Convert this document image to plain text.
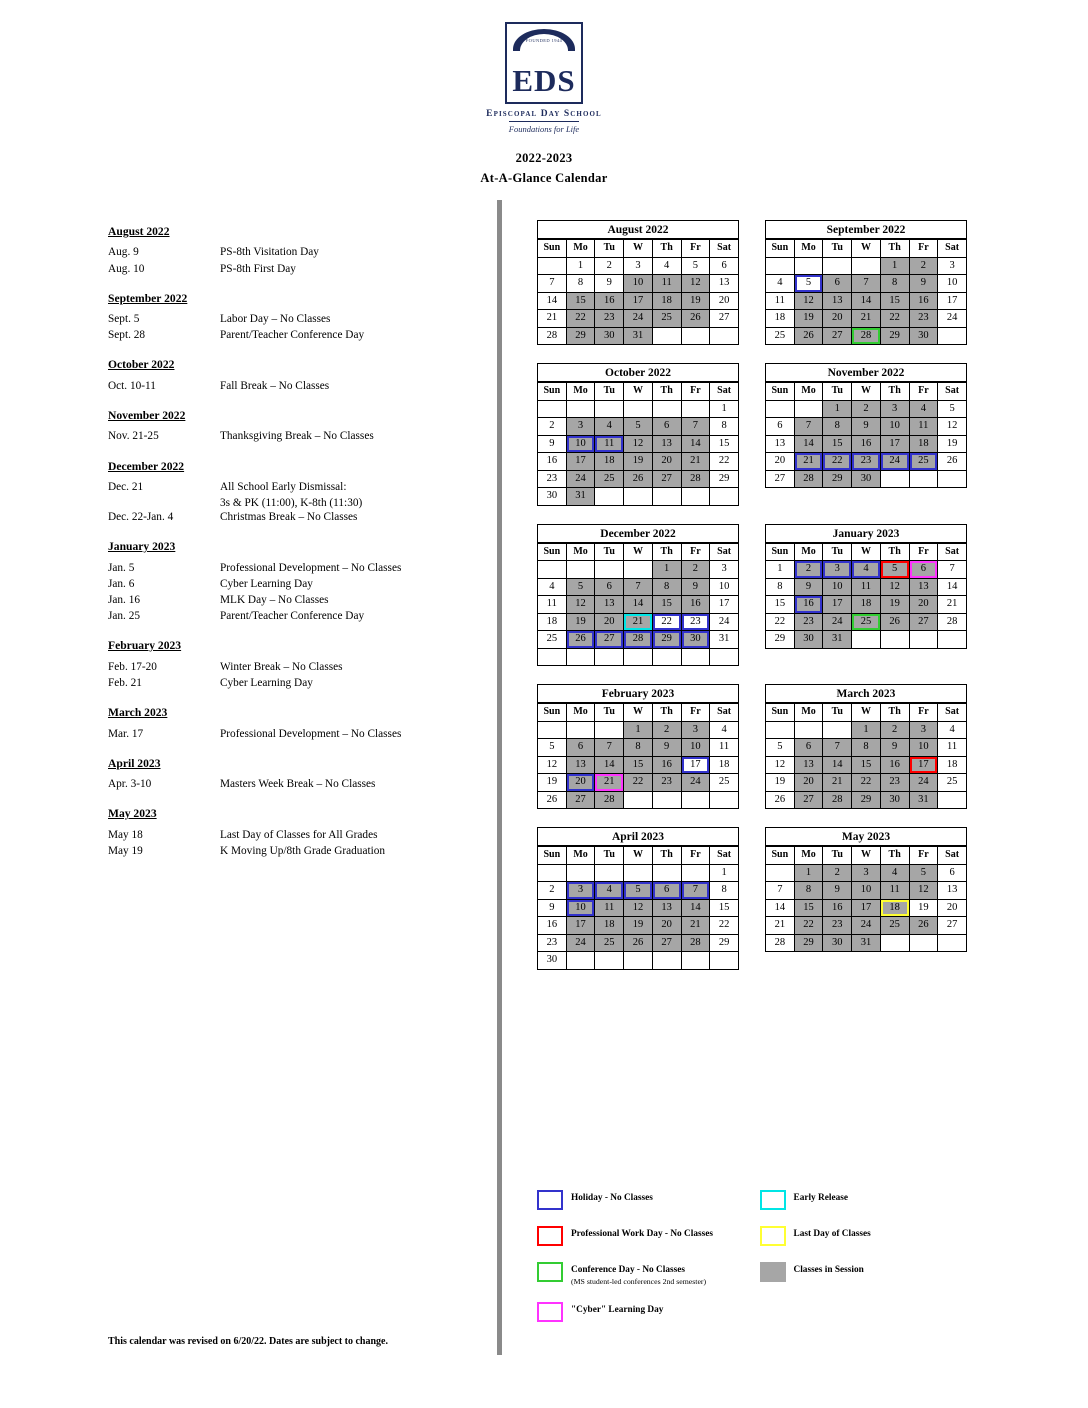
FOUNDED 1944
EDS
Episcopal Day School
Foundations for Life
2022-2023
At-A-Glance Calendar
August 2022
Aug. 9	PS-8th Visitation Day
Aug. 10	PS-8th First Day
September 2022
Sept. 5	Labor Day – No Classes
Sept. 28	Parent/Teacher Conference Day
October 2022
Oct. 10-11	Fall Break – No Classes
November 2022
Nov. 21-25	Thanksgiving Break – No Classes
December 2022
Dec. 21	All School Early Dismissal:
3s & PK (11:00), K-8th (11:30)
Dec. 22-Jan. 4	Christmas Break – No Classes
January 2023
Jan. 5	Professional Development – No Classes
Jan. 6	Cyber Learning Day
Jan. 16	MLK Day – No Classes
Jan. 25	Parent/Teacher Conference Day
February 2023
Feb. 17-20	Winter Break – No Classes
Feb. 21	Cyber Learning Day
March 2023
Mar. 17	Professional Development – No Classes
April 2023
Apr. 3-10	Masters Week Break – No Classes
May 2023
May 18	Last Day of Classes for All Grades
May 19	K Moving Up/8th Grade Graduation
This calendar was revised on 6/20/22. Dates are subject to change.
August 2022
Sun	Mo	Tu	W	Th	Fr	Sat
	1	2	3	4	5	6
7	8	9	10	11	12	13
14	15	16	17	18	19	20
21	22	23	24	25	26	27
28	29	30	31			
September 2022
Sun	Mo	Tu	W	Th	Fr	Sat
				1	2	3
4	5	6	7	8	9	10
11	12	13	14	15	16	17
18	19	20	21	22	23	24
25	26	27	28	29	30	
October 2022
Sun	Mo	Tu	W	Th	Fr	Sat
						1
2	3	4	5	6	7	8
9	10	11	12	13	14	15
16	17	18	19	20	21	22
23	24	25	26	27	28	29
30	31					
November 2022
Sun	Mo	Tu	W	Th	Fr	Sat
		1	2	3	4	5
6	7	8	9	10	11	12
13	14	15	16	17	18	19
20	21	22	23	24	25	26
27	28	29	30			
December 2022
Sun	Mo	Tu	W	Th	Fr	Sat
				1	2	3
4	5	6	7	8	9	10
11	12	13	14	15	16	17
18	19	20	21	22	23	24
25	26	27	28	29	30	31

January 2023
Sun	Mo	Tu	W	Th	Fr	Sat
1	2	3	4	5	6	7
8	9	10	11	12	13	14
15	16	17	18	19	20	21
22	23	24	25	26	27	28
29	30	31				
February 2023
Sun	Mo	Tu	W	Th	Fr	Sat
			1	2	3	4
5	6	7	8	9	10	11
12	13	14	15	16	17	18
19	20	21	22	23	24	25
26	27	28				
March 2023
Sun	Mo	Tu	W	Th	Fr	Sat
			1	2	3	4
5	6	7	8	9	10	11
12	13	14	15	16	17	18
19	20	21	22	23	24	25
26	27	28	29	30	31	
April 2023
Sun	Mo	Tu	W	Th	Fr	Sat
						1
2	3	4	5	6	7	8
9	10	11	12	13	14	15
16	17	18	19	20	21	22
23	24	25	26	27	28	29
30						
May 2023
Sun	Mo	Tu	W	Th	Fr	Sat
	1	2	3	4	5	6
7	8	9	10	11	12	13
14	15	16	17	18	19	20
21	22	23	24	25	26	27
28	29	30	31			
Holiday - No Classes	Early Release
Professional Work Day - No Classes	Last Day of Classes
Conference Day - No Classes
(MS student-led conferences 2nd semester)
Classes in Session
"Cyber" Learning Day
